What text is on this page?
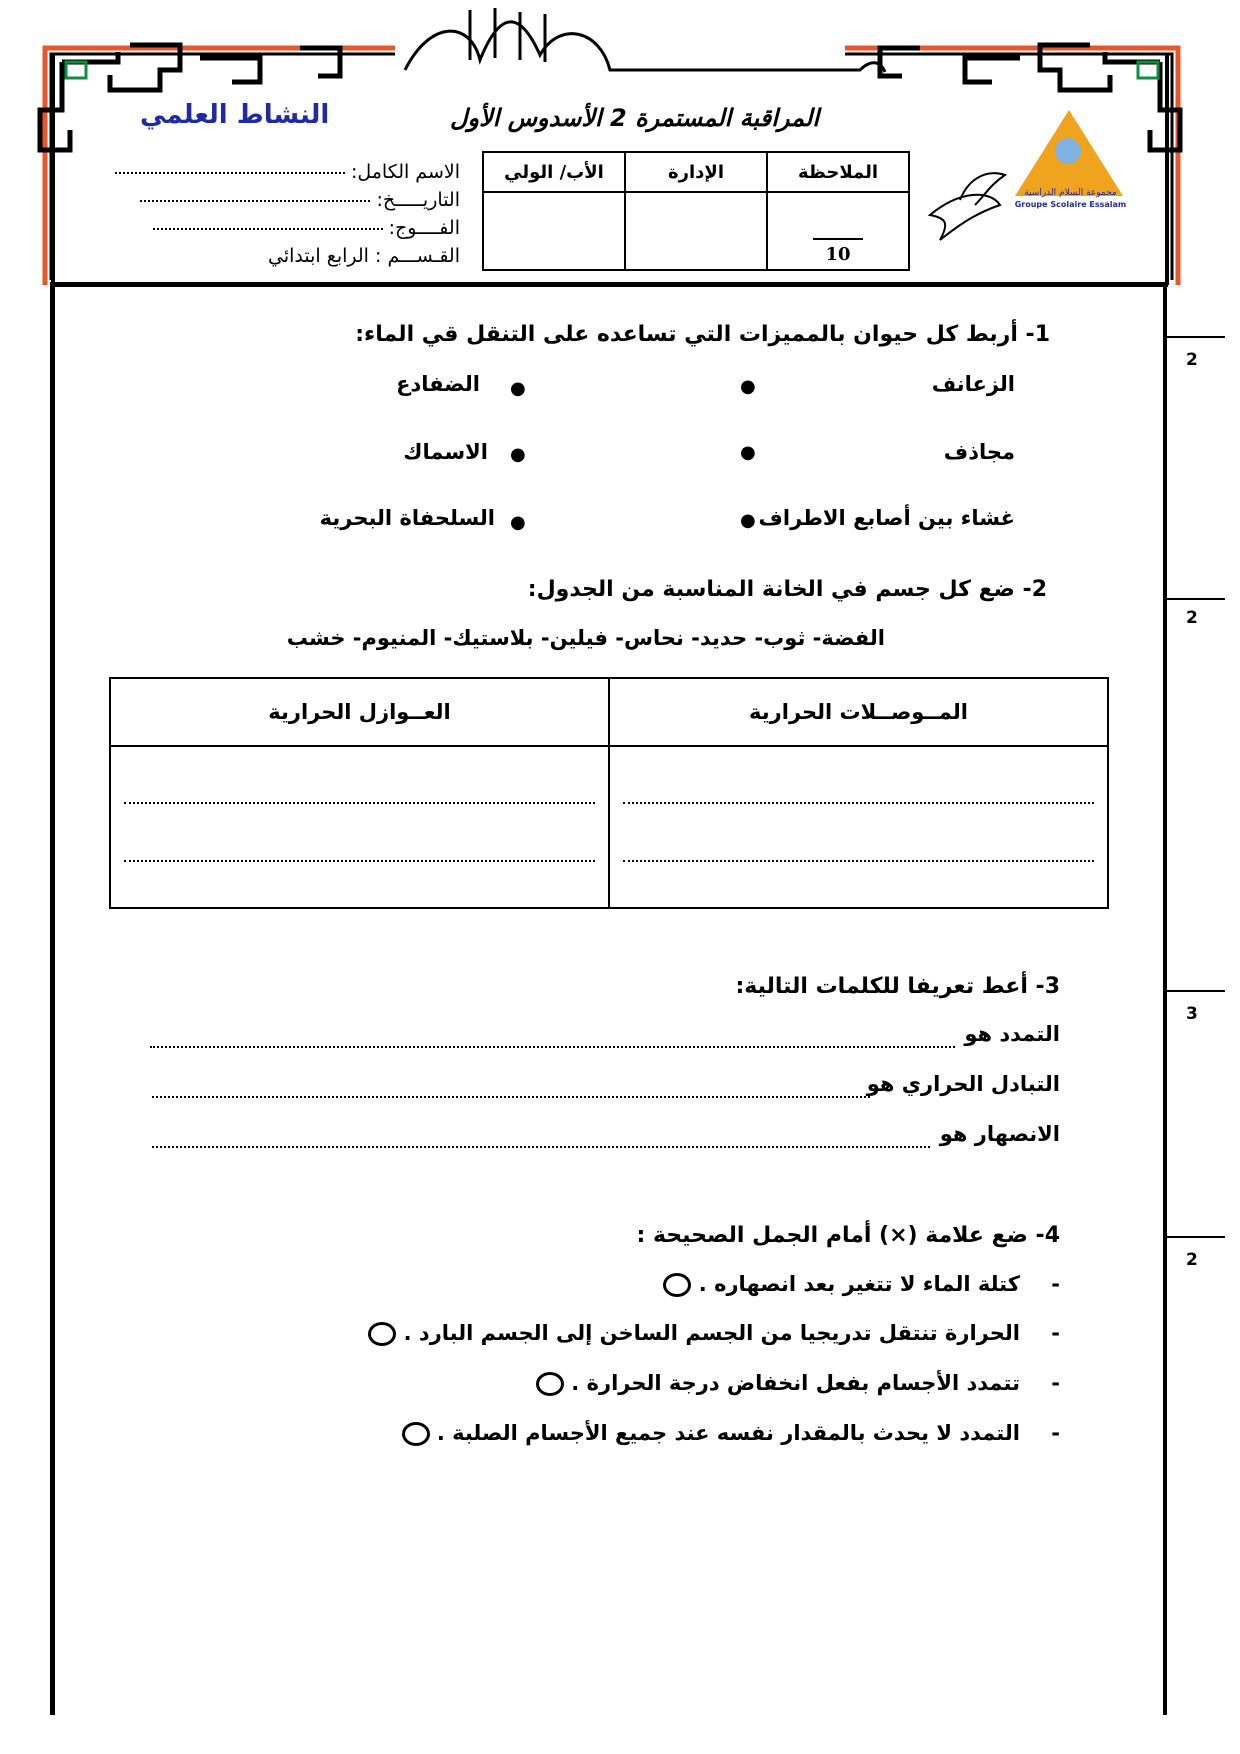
النشاط العلمي	المراقبة المستمرة 2 الأسدوس الأول
الاسم الكامل:
التاريـــــخ:
الفــــوج:
القـســـم : الرابع ابتدائي
الملاحظة	الإدارة	الأب/ الولي

10		

مجموعة السلام الدراسية
Groupe Scolaire Essalam
2
2
3
2
1- أربط كل حيوان بالمميزات التي تساعده على التنقل قي الماء:
الزعانف
مجاذف
غشاء بين أصابع الاطراف
●
●
●
●
●
●
الضفادع
الاسماك
السلحفاة البحرية
2- ضع كل جسم في الخانة المناسبة من الجدول:
الفضة- ثوب- حديد- نحاس- فيلين- بلاستيك- المنيوم- خشب
المــوصــلات الحرارية	العــوازل الحرارية

3- أعط تعريفا للكلمات التالية:
التمدد هو
التبادل الحراري هو
الانصهار هو
4- ضع علامة (×) أمام الجمل الصحيحة :
- كتلة الماء لا تتغير بعد انصهاره .
- الحرارة تنتقل تدريجيا من الجسم الساخن إلى الجسم البارد .
- تتمدد الأجسام بفعل انخفاض درجة الحرارة .
- التمدد لا يحدث بالمقدار نفسه عند جميع الأجسام الصلبة .
